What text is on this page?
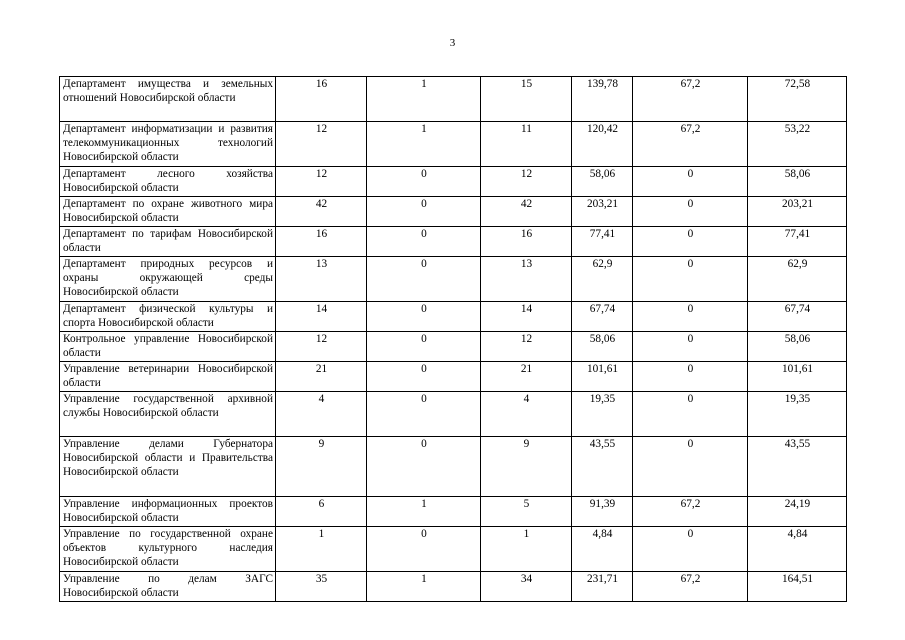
3
Департамент имущества и земельных отношений Новосибирской области	16	1	15	139,78	67,2	72,58
Департамент информатизации и развития телекоммуникационных технологий Новосибирской области	12	1	11	120,42	67,2	53,22
Департамент лесного хозяйства Новосибирской области	12	0	12	58,06	0	58,06
Департамент по охране животного мира Новосибирской области	42	0	42	203,21	0	203,21
Департамент по тарифам Новосибирской области	16	0	16	77,41	0	77,41
Департамент природных ресурсов и охраны окружающей среды Новосибирской области	13	0	13	62,9	0	62,9
Департамент физической культуры и спорта Новосибирской области	14	0	14	67,74	0	67,74
Контрольное управление Новосибирской области	12	0	12	58,06	0	58,06
Управление ветеринарии Новосибирской области	21	0	21	101,61	0	101,61
Управление государственной архивной службы Новосибирской области	4	0	4	19,35	0	19,35
Управление делами Губернатора Новосибирской области и Правительства Новосибирской области	9	0	9	43,55	0	43,55
Управление информационных проектов Новосибирской области	6	1	5	91,39	67,2	24,19
Управление по государственной охране объектов культурного наследия Новосибирской области	1	0	1	4,84	0	4,84
Управление по делам ЗАГС Новосибирской области	35	1	34	231,71	67,2	164,51
